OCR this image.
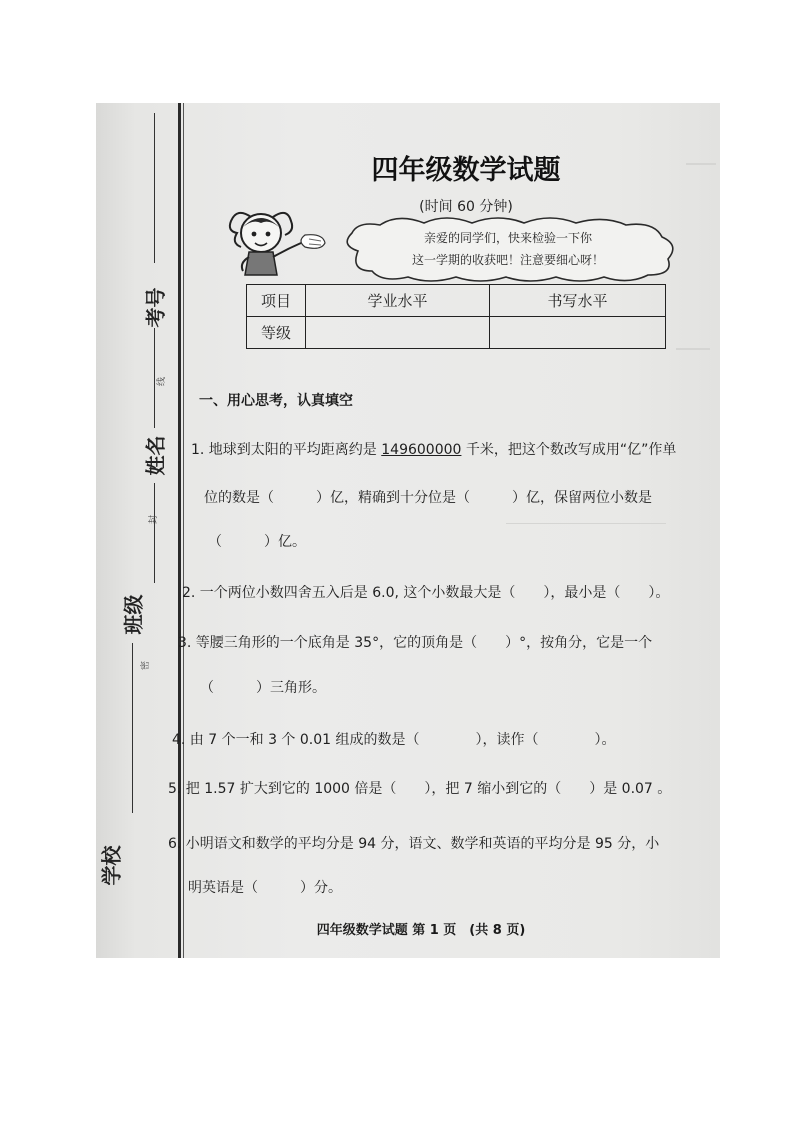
考号
姓名
班级
学校
线
封
密
四年级数学试题
(时间 60 分钟)
亲爱的同学们，快来检验一下你
这一学期的收获吧！注意要细心呀！
项目	学业水平	书写水平
等级		
一、用心思考，认真填空
1. 地球到太阳的平均距离约是 149600000 千米，把这个数改写成用“亿”作单
位的数是（　　　）亿，精确到十分位是（　　　）亿，保留两位小数是
（　　　）亿。
2. 一个两位小数四舍五入后是 6.0, 这个小数最大是（　　），最小是（　　）。
3. 等腰三角形的一个底角是 35°，它的顶角是（　　）°，按角分，它是一个
（　　　）三角形。
4. 由 7 个一和 3 个 0.01 组成的数是（　　　　），读作（　　　　）。
5. 把 1.57 扩大到它的 1000 倍是（　　），把 7 缩小到它的（　　）是 0.07 。
6. 小明语文和数学的平均分是 94 分，语文、数学和英语的平均分是 95 分，小
明英语是（　　　）分。
四年级数学试题 第 1 页　(共 8 页)
